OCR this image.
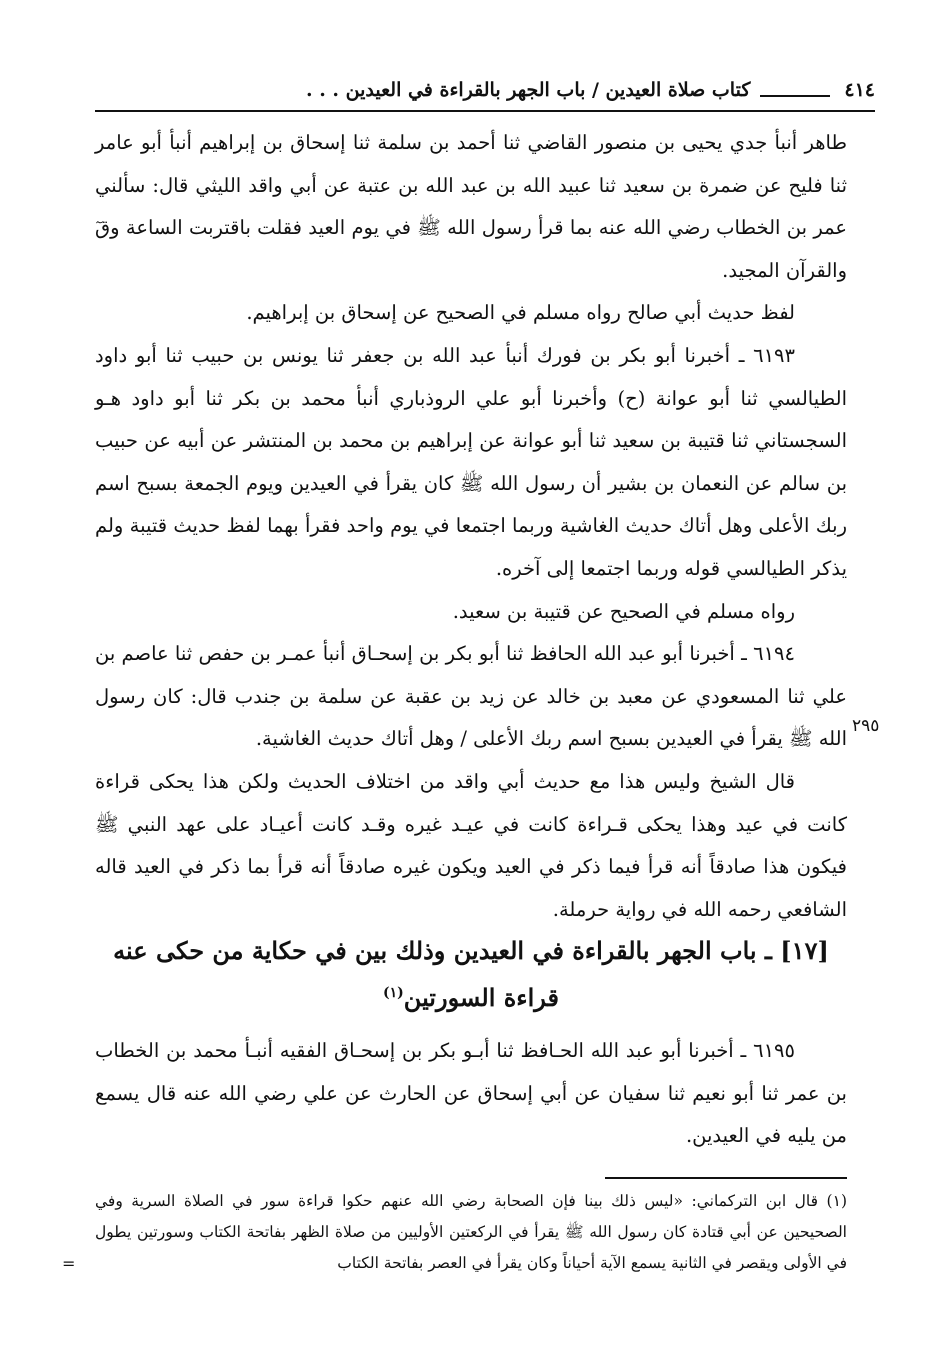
٤١٤
كتاب صلاة العيدين / باب الجهر بالقراءة في العيدين . . .

طاهر أنبأ جدي يحيى بن منصور القاضي ثنا أحمد بن سلمة ثنا إسحاق بن إبراهيم أنبأ أبو عامر ثنا فليح عن ضمرة بن سعيد ثنا عبيد الله بن عبد الله بن عتبة عن أبي واقد الليثي قال: سألني عمر بن الخطاب رضي الله عنه بما قرأ رسول الله ﷺ في يوم العيد فقلت باقتربت الساعة وقٓ والقرآن المجيد.

لفظ حديث أبي صالح رواه مسلم في الصحيح عن إسحاق بن إبراهيم.

٦١٩٣ ـ أخبرنا أبو بكر بن فورك أنبأ عبد الله بن جعفر ثنا يونس بن حبيب ثنا أبو داود الطيالسي ثنا أبو عوانة (ح) وأخبرنا أبو علي الروذباري أنبأ محمد بن بكر ثنا أبو داود هـو السجستاني ثنا قتيبة بن سعيد ثنا أبو عوانة عن إبراهيم بن محمد بن المنتشر عن أبيه عن حبيب بن سالم عن النعمان بن بشير أن رسول الله ﷺ كان يقرأ في العيدين ويوم الجمعة بسبح اسم ربك الأعلى وهل أتاك حديث الغاشية وربما اجتمعا في يوم واحد فقرأ بهما لفظ حديث قتيبة ولم يذكر الطيالسي قوله وربما اجتمعا إلى آخره.

رواه مسلم في الصحيح عن قتيبة بن سعيد.

٦١٩٤ ـ أخبرنا أبو عبد الله الحافظ ثنا أبو بكر بن إسحـاق أنبأ عمـر بن حفص ثنا عاصم بن علي ثنا المسعودي عن معبد بن خالد عن زيد بن عقبة عن سلمة بن جندب قال: كان رسول الله ﷺ يقرأ في العيدين بسبح اسم ربك الأعلى / وهل أتاك حديث الغاشية.

قال الشيخ وليس هذا مع حديث أبي واقد من اختلاف الحديث ولكن هذا يحكى قراءة كانت في عيد وهذا يحكى قـراءة كانت في عيـد غيره وقـد كانت أعيـاد على عهد النبي ﷺ فيكون هذا صادقاً أنه قرأ فيما ذكر في العيد ويكون غيره صادقاً أنه قرأ بما ذكر في العيد قاله الشافعي رحمه الله في رواية حرملة.

٢٩٥
[١٧] ـ باب الجهر بالقراءة في العيدين وذلك بين في حكاية من حكى عنه قراءة السورتين$^{(١)}$

٦١٩٥ ـ أخبرنا أبو عبد الله الحـافظ ثنا أبـو بكر بن إسحـاق الفقيه أنبـأ محمد بن الخطاب بن عمر ثنا أبو نعيم ثنا سفيان عن أبي إسحاق عن الحارث عن علي رضي الله عنه قال يسمع من يليه في العيدين.

(١) قال ابن التركماني: «ليس ذلك بينا فإن الصحابة رضي الله عنهم حكوا قراءة سور في الصلاة السرية وفي الصحيحين عن أبي قتادة كان رسول الله ﷺ يقرأ في الركعتين الأوليين من صلاة الظهر بفاتحة الكتاب وسورتين يطول في الأولى ويقصر في الثانية يسمع الآية أحياناً وكان يقرأ في العصر بفاتحة الكتاب

=
